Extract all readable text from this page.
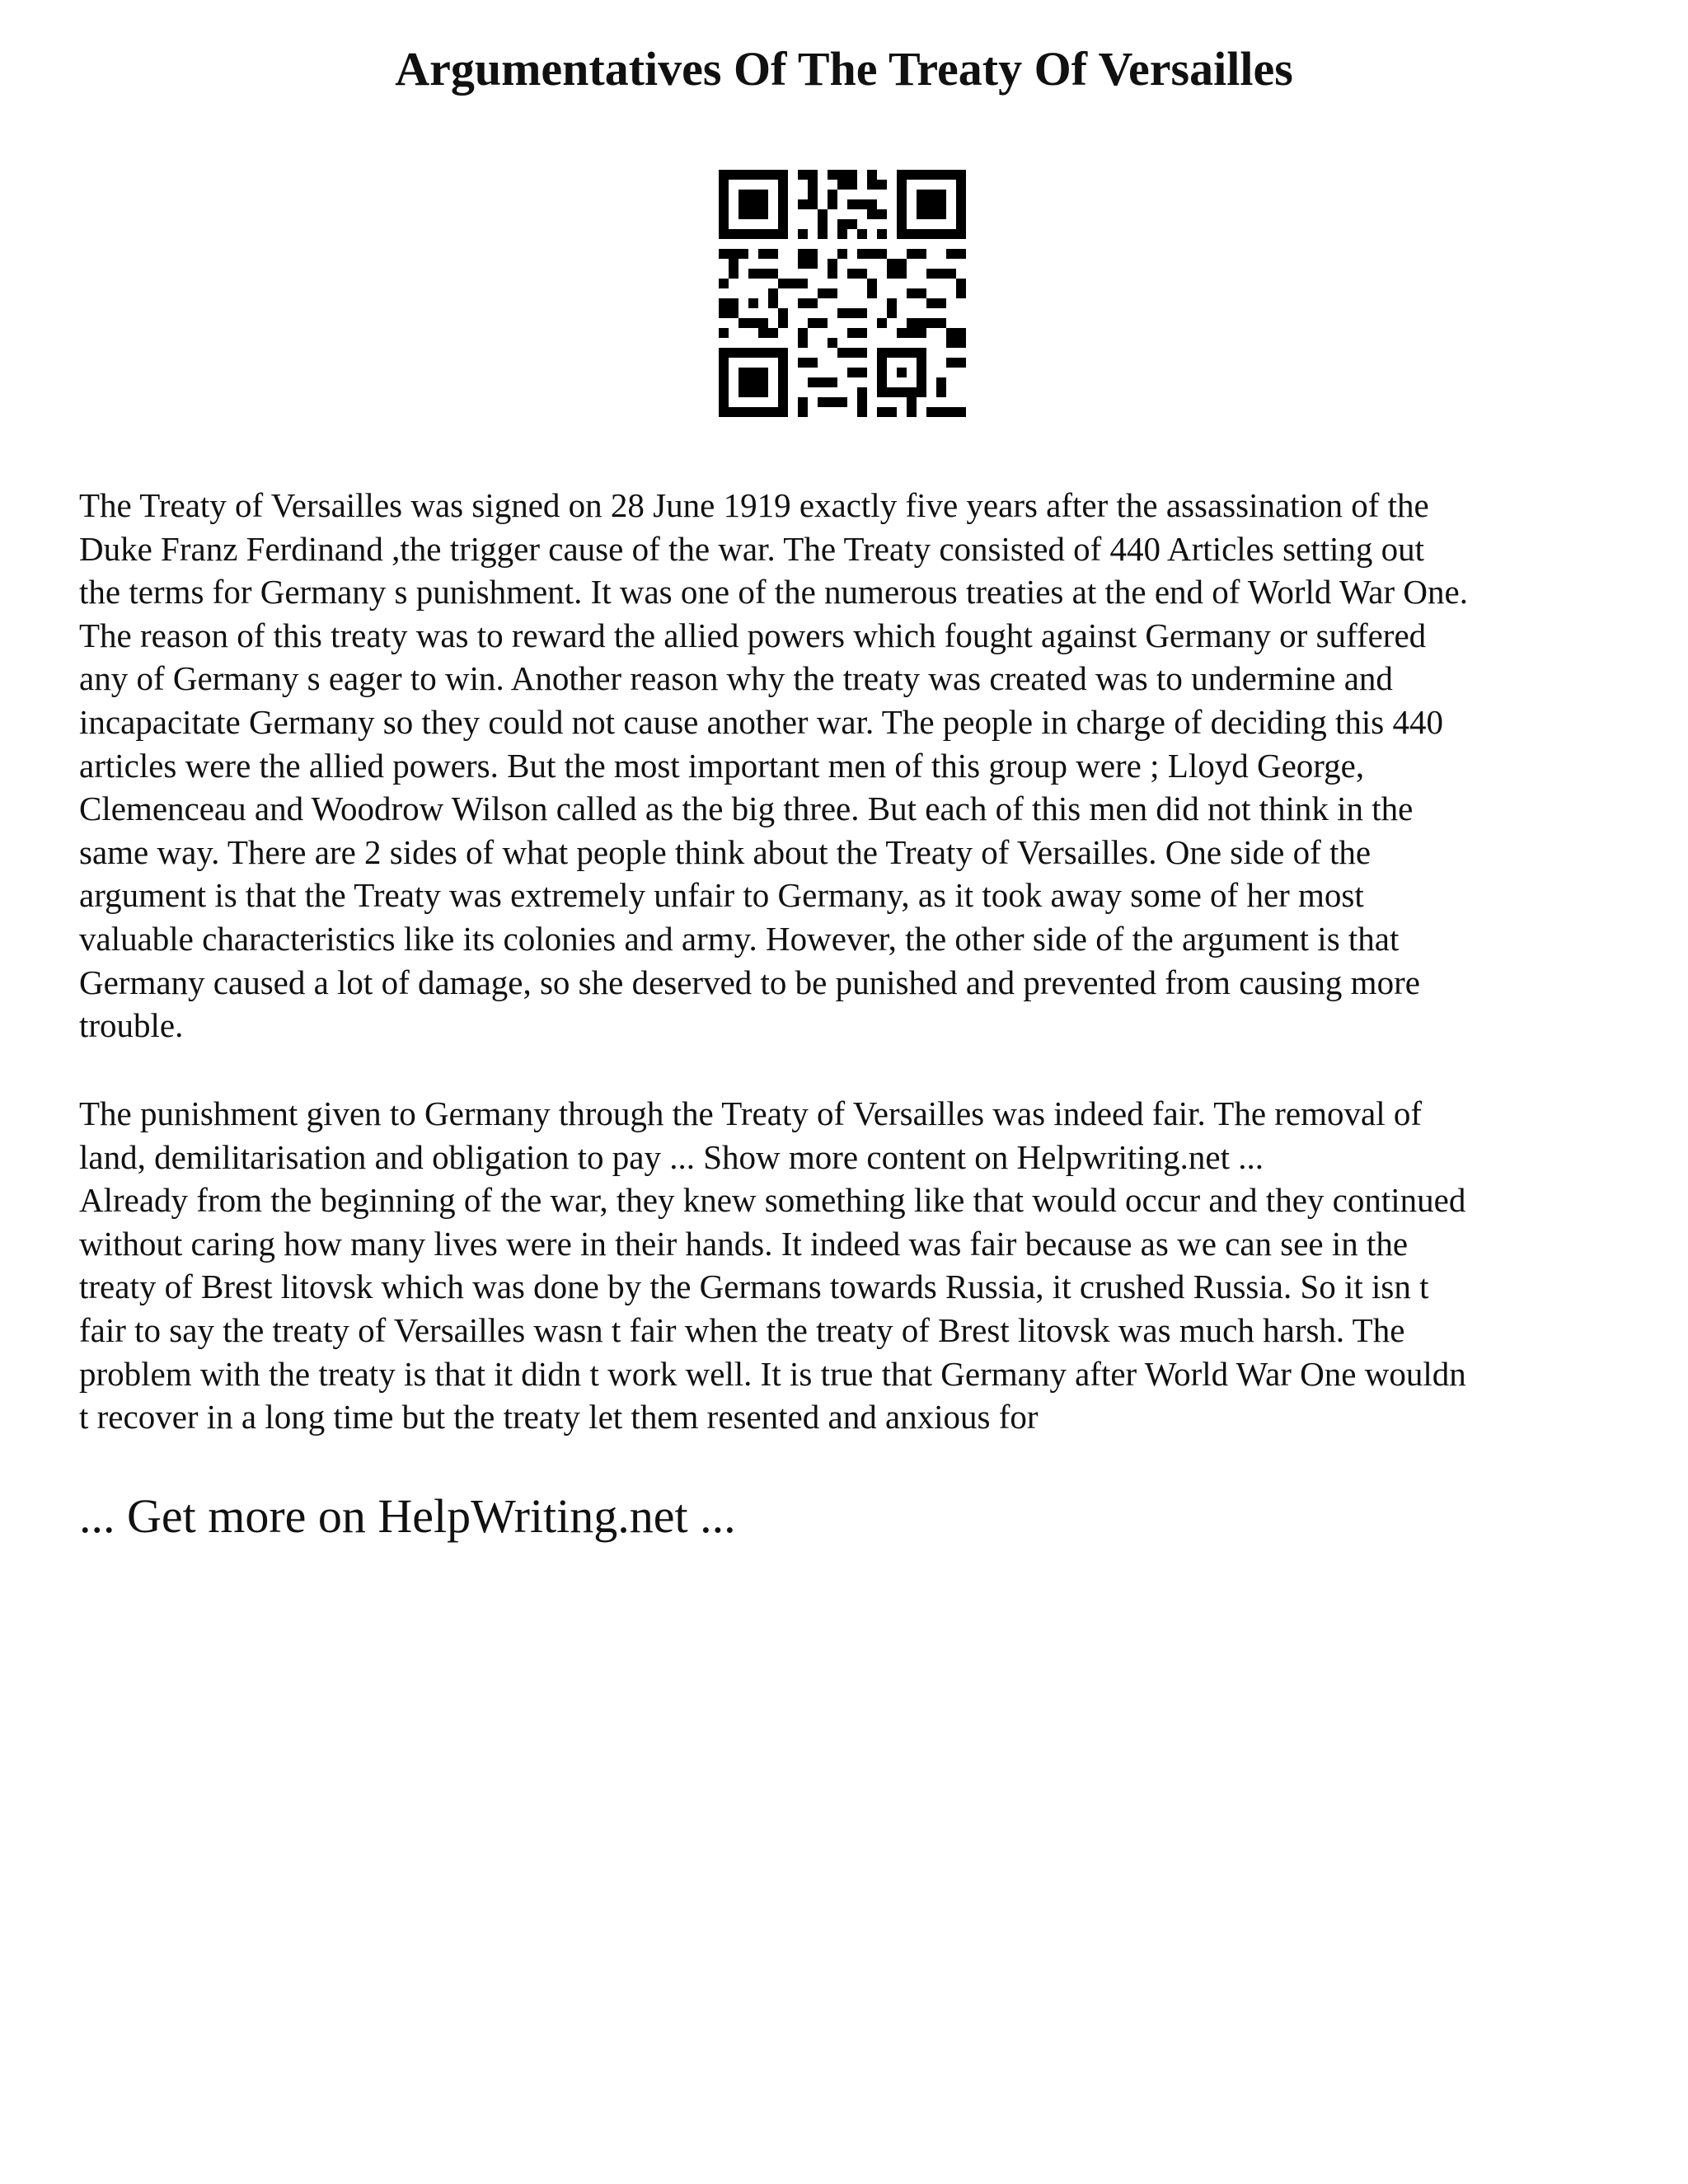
Argumentatives Of The Treaty Of Versailles

The Treaty of Versailles was signed on 28 June 1919 exactly five years after the assassination of the
Duke Franz Ferdinand ,the trigger cause of the war. The Treaty consisted of 440 Articles setting out
the terms for Germany s punishment. It was one of the numerous treaties at the end of World War One.
The reason of this treaty was to reward the allied powers which fought against Germany or suffered
any of Germany s eager to win. Another reason why the treaty was created was to undermine and
incapacitate Germany so they could not cause another war. The people in charge of deciding this 440
articles were the allied powers. But the most important men of this group were ; Lloyd George,
Clemenceau and Woodrow Wilson called as the big three. But each of this men did not think in the
same way. There are 2 sides of what people think about the Treaty of Versailles. One side of the
argument is that the Treaty was extremely unfair to Germany, as it took away some of her most
valuable characteristics like its colonies and army. However, the other side of the argument is that
Germany caused a lot of damage, so she deserved to be punished and prevented from causing more
trouble.

The punishment given to Germany through the Treaty of Versailles was indeed fair. The removal of
land, demilitarisation and obligation to pay ... Show more content on Helpwriting.net ...
Already from the beginning of the war, they knew something like that would occur and they continued
without caring how many lives were in their hands. It indeed was fair because as we can see in the
treaty of Brest litovsk which was done by the Germans towards Russia, it crushed Russia. So it isn t
fair to say the treaty of Versailles wasn t fair when the treaty of Brest litovsk was much harsh. The
problem with the treaty is that it didn t work well. It is true that Germany after World War One wouldn
t recover in a long time but the treaty let them resented and anxious for

... Get more on HelpWriting.net ...
